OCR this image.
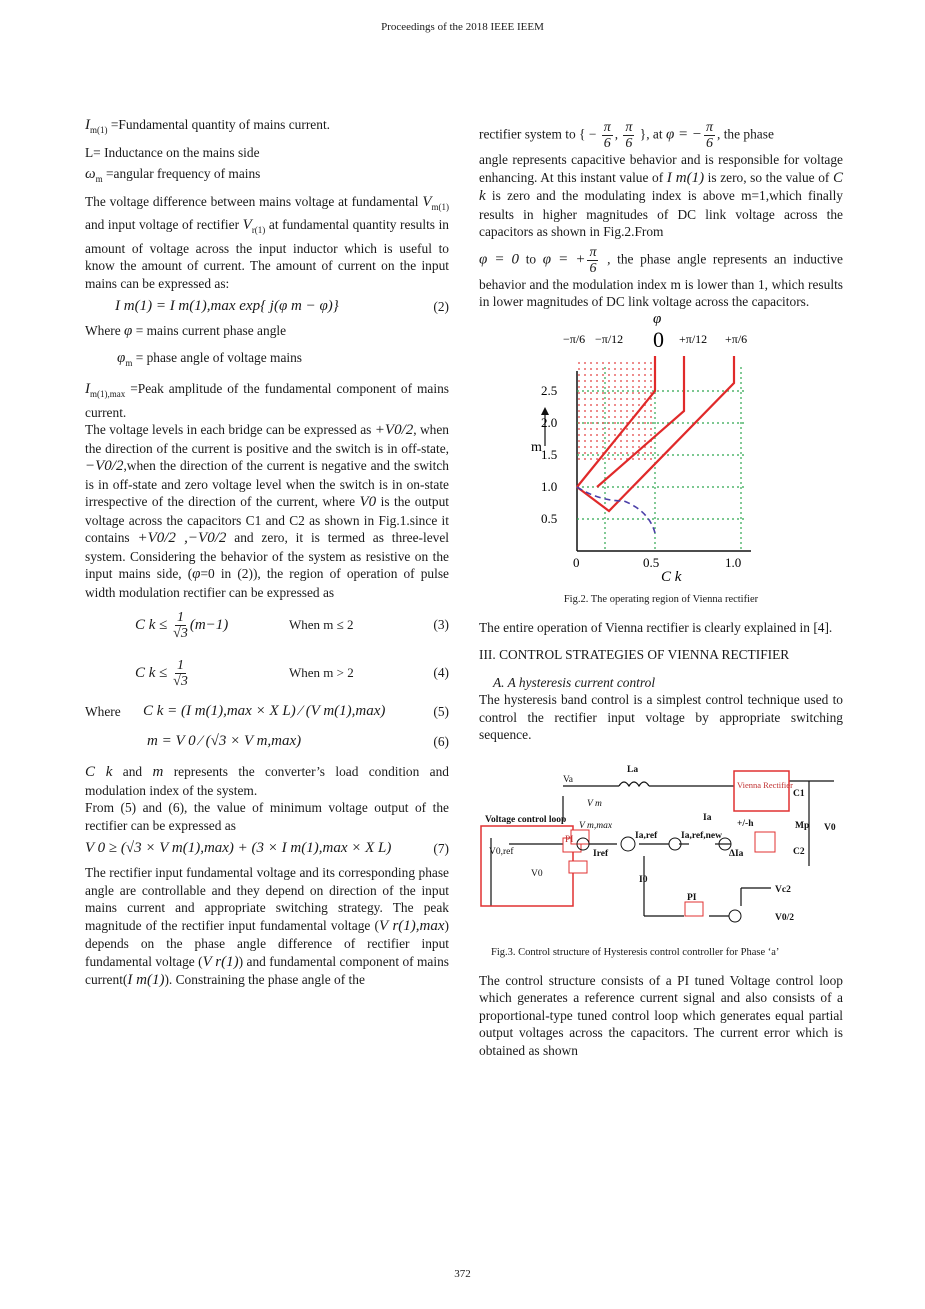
Proceedings of the 2018 IEEE IEEM

$I_{m(1)}$ =Fundamental quantity of mains current.

L= Inductance on the mains side

$\omega_m$ =angular frequency of mains

The voltage difference between mains voltage at fundamental $V_{m(1)}$ and input voltage of rectifier $V_{r(1)}$ at fundamental quantity results in amount of voltage across the input inductor which is useful to know the amount of current. The amount of current on the input mains can be expressed as:

I m(1) = I m(1),max exp{ j(φ m − φ)}	(2)

Where φ = mains current phase angle

$\varphi_m$ = phase angle of voltage mains

$I_{m(1),max}$ =Peak amplitude of the fundamental component of mains current.

The voltage levels in each bridge can be expressed as +V0/2, when the direction of the current is positive and the switch is in off-state, −V0/2,when the direction of the current is negative and the switch is in off-state and zero voltage level when the switch is in on-state irrespective of the direction of the current, where V0 is the output voltage across the capacitors C1 and C2 as shown in Fig.1.since it contains +V0/2 ,−V0/2 and zero, it is termed as three-level system. Considering the behavior of the system as resistive on the input mains side, (φ=0 in (2)), the region of operation of pulse width modulation rectifier can be expressed as

C $k \le \frac{1}{√3} (m-1)$	When m ≤ 2	(3)
C $k \le \frac{1}{√3}$	When m > 2	(4)
Where	C k = (I m(1),max × X L) ⁄ (V m(1),max)	(5)
m = V 0 ⁄ (√3 × V m,max)	(6)

C k and m represents the converter’s load condition and modulation index of the system.

From (5) and (6), the value of minimum voltage output of the rectifier can be expressed as

V 0 ≥ (√3 × V m(1),max) + (3 × I m(1),max × X L)	(7)

The rectifier input fundamental voltage and its corresponding phase angle are controllable and they depend on direction of the input mains current and appropriate switching strategy. The peak magnitude of the rectifier input fundamental voltage (V r(1),max) depends on the phase angle difference of rectifier input fundamental voltage (V r(1)) and fundamental component of mains current(I m(1)). Constraining the phase angle of the

rectifier system to { − $\frac{\pi}{6}$ , $\frac{\pi}{6}$ }, at φ = − $\frac{\pi}{6}$ , the phase

angle represents capacitive behavior and is responsible for voltage enhancing. At this instant value of I m(1) is zero, so the value of C k is zero and the modulating index is above m=1,which finally results in higher magnitudes of DC link voltage across the capacitors as shown in Fig.2.From

φ = 0 to φ = + $\frac{\pi}{6}$ , the phase angle represents an inductive behavior and the modulation index m is lower than 1, which results in lower magnitudes of DC link voltage across the capacitors.

φ
−π/6 −π/12 0 +π/12 +π/6
m
2.5
2.0
1.5
1.0
0.5
0	0.5	1.0
C k
Fig.2. The operating region of Vienna rectifier

The entire operation of Vienna rectifier is clearly explained in [4].

III. CONTROL STRATEGIES OF VIENNA RECTIFIER

A. A hysteresis current control

The hysteresis band control is a simplest control technique used to control the rectifier input voltage by appropriate switching sequence.

Voltage control loop
Va
La
Vienna Rectifier
C1
Mp V0
C2
V0,ref
V0
PI
Iref
V m
V m,max
Ia,ref	Ia,ref,new
Ia
ΔIa
+/-h
I0
PI
Vc2
V0/2
Fig.3. Control structure of Hysteresis control controller for Phase ‘a’

The control structure consists of a PI tuned Voltage control loop which generates a reference current signal and also consists of a proportional-type tuned control loop which generates equal partial output voltages across the capacitors. The current error which is obtained as shown

372
